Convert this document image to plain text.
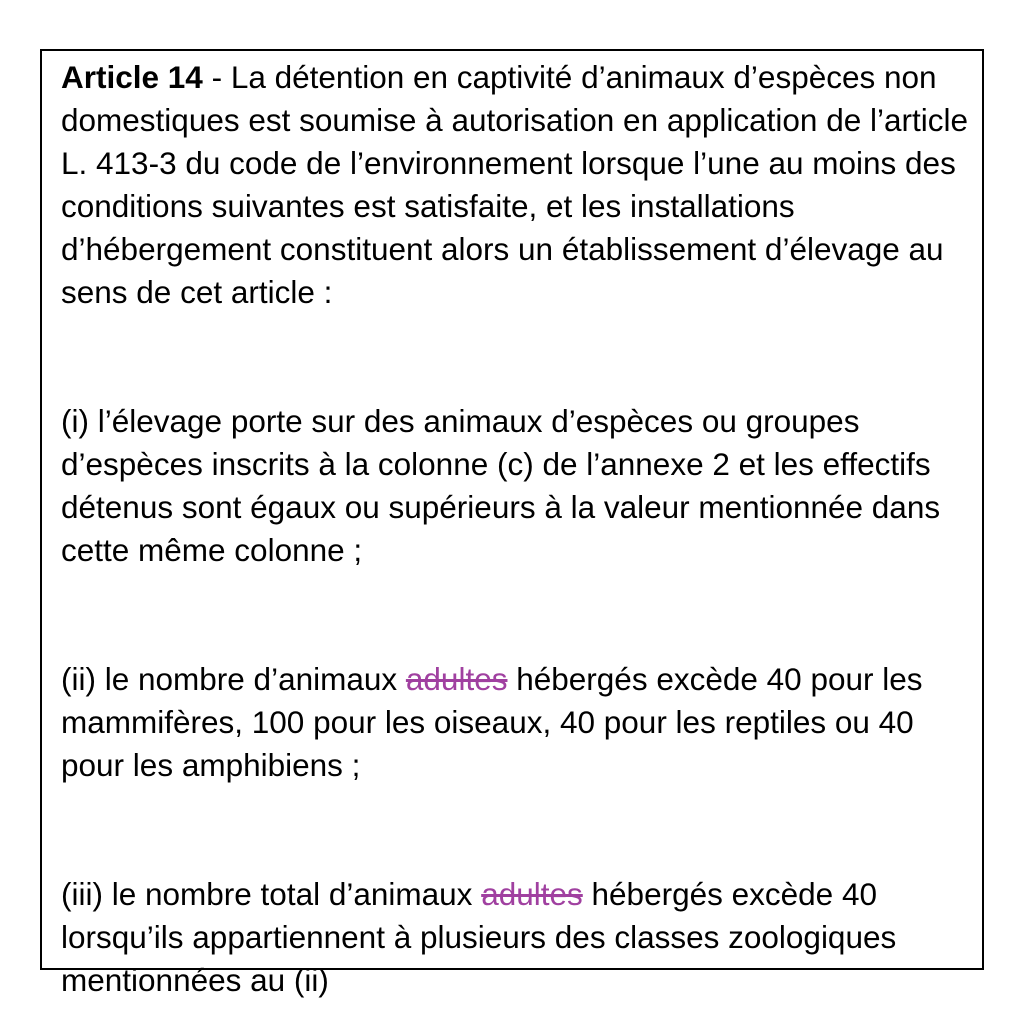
Article 14 - La détention en captivité d’animaux d’espèces non domestiques est soumise à autorisation en application de l’article L. 413-3 du code de l’environnement lorsque l’une au moins des conditions suivantes est satisfaite, et les installations d’hébergement constituent alors un établissement d’élevage au sens de cet article :

(i) l’élevage porte sur des animaux d’espèces ou groupes d’espèces inscrits à la colonne (c) de l’annexe 2 et les effectifs détenus sont égaux ou supérieurs à la valeur mentionnée dans cette même colonne ;

(ii) le nombre d’animaux adultes hébergés excède 40 pour les mammifères, 100 pour les oiseaux, 40 pour les reptiles ou 40 pour les amphibiens ;

(iii) le nombre total d’animaux adultes hébergés excède 40 lorsqu’ils appartiennent à plusieurs des classes zoologiques mentionnées au (ii)
